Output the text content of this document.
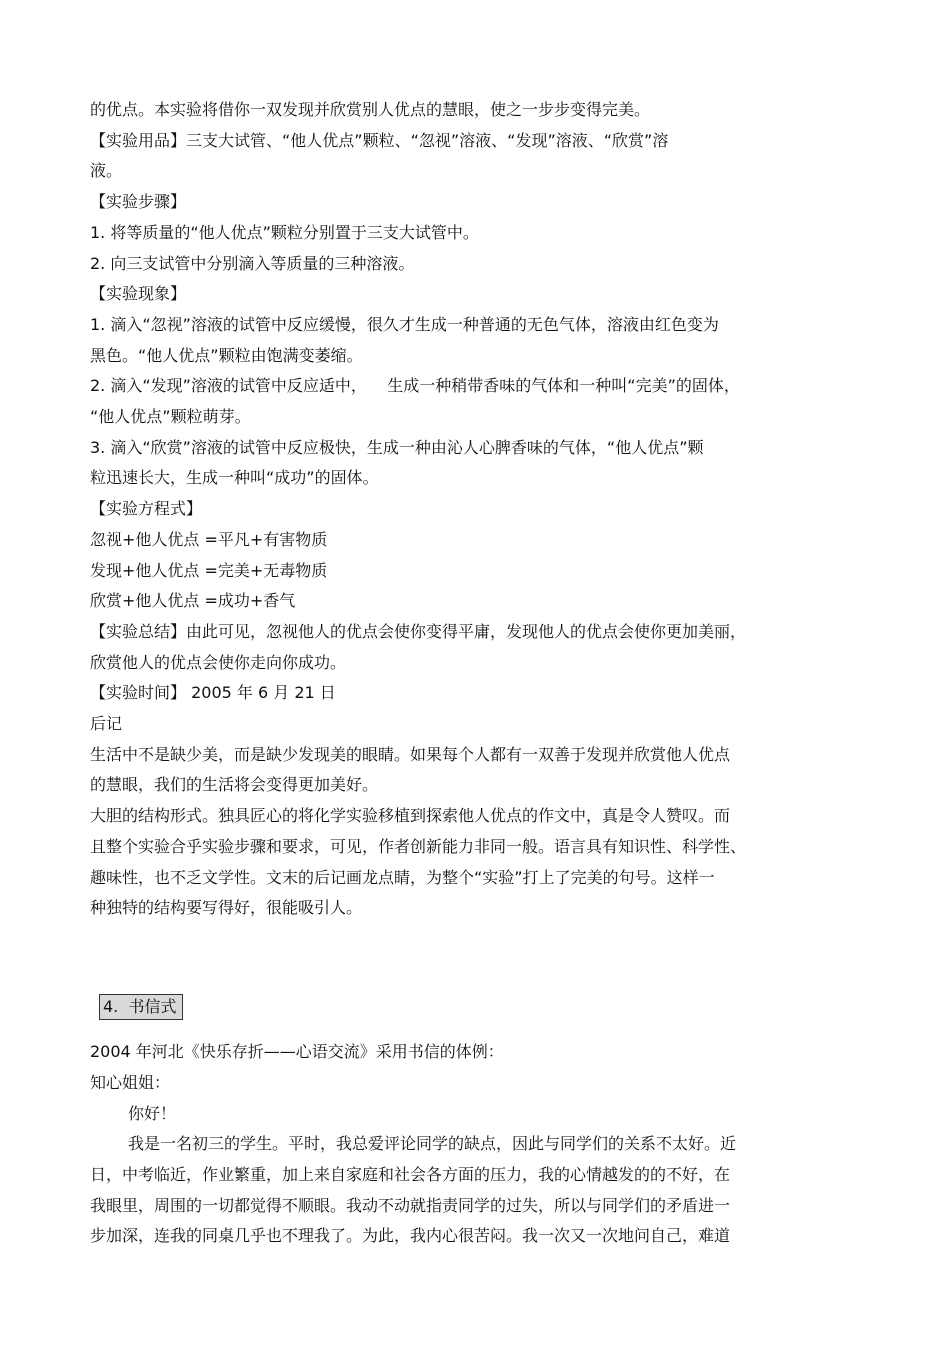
的优点。本实验将借你一双发现并欣赏别人优点的慧眼，使之一步步变得完美。
【实验用品】三支大试管、“他人优点”颗粒、“忽视”溶液、“发现”溶液、“欣赏”溶
液。
【实验步骤】
1. 将等质量的“他人优点”颗粒分别置于三支大试管中。
2. 向三支试管中分别滴入等质量的三种溶液。
【实验现象】
1. 滴入“忽视”溶液的试管中反应缓慢，很久才生成一种普通的无色气体，溶液由红色变为
黑色。“他人优点”颗粒由饱满变萎缩。
2. 滴入“发现”溶液的试管中反应适中，    生成一种稍带香味的气体和一种叫“完美”的固体，
“他人优点”颗粒萌芽。
3. 滴入“欣赏”溶液的试管中反应极快，生成一种由沁人心脾香味的气体，“他人优点”颗
粒迅速长大，生成一种叫“成功”的固体。
【实验方程式】
忽视+他人优点 =平凡+有害物质
发现+他人优点 =完美+无毒物质
欣赏+他人优点 =成功+香气
【实验总结】由此可见，忽视他人的优点会使你变得平庸，发现他人的优点会使你更加美丽，
欣赏他人的优点会使你走向你成功。
【实验时间】 2005 年 6 月 21 日
后记
生活中不是缺少美，而是缺少发现美的眼睛。如果每个人都有一双善于发现并欣赏他人优点
的慧眼，我们的生活将会变得更加美好。
大胆的结构形式。独具匠心的将化学实验移植到探索他人优点的作文中，真是令人赞叹。而
且整个实验合乎实验步骤和要求，可见，作者创新能力非同一般。语言具有知识性、科学性、
趣味性，也不乏文学性。文末的后记画龙点睛，为整个“实验”打上了完美的句号。这样一
种独特的结构要写得好，很能吸引人。
4.  书信式
2004 年河北《快乐存折——心语交流》采用书信的体例：
知心姐姐：
你好！
我是一名初三的学生。平时，我总爱评论同学的缺点，因此与同学们的关系不太好。近
日，中考临近，作业繁重，加上来自家庭和社会各方面的压力，我的心情越发的的不好，在
我眼里，周围的一切都觉得不顺眼。我动不动就指责同学的过失，所以与同学们的矛盾进一
步加深，连我的同桌几乎也不理我了。为此，我内心很苦闷。我一次又一次地问自己，难道
